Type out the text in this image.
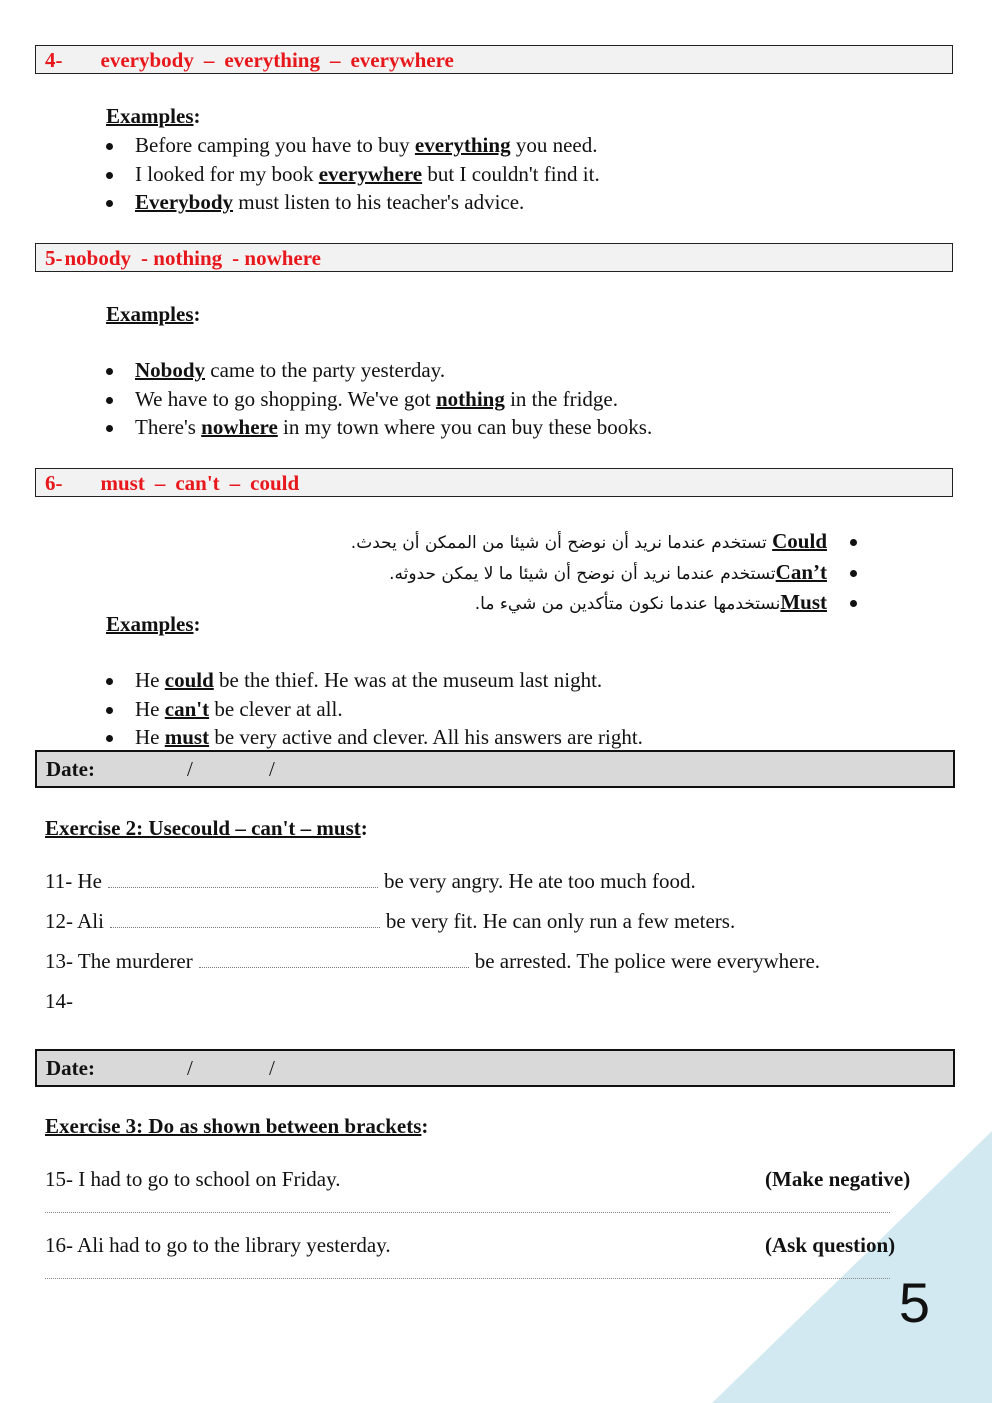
4- everybody – everything – everywhere
Examples:
Before camping you have to buy everything you need.
I looked for my book everywhere but I couldn't find it.
Everybody must listen to his teacher's advice.
5-nobody - nothing - nowhere
Examples:
Nobody came to the party yesterday.
We have to go shopping. We've got nothing in the fridge.
There's nowhere in my town where you can buy these books.
6- must – can't – could
Could تستخدم عندما نريد أن نوضح أن شيئا من الممكن أن يحدث.
Can’tتستخدم عندما نريد أن نوضح أن شيئا ما لا يمكن حدوثه.
Mustنستخدمها عندما نكون متأكدين من شيء ما.
Examples:
He could be the thief. He was at the museum last night.
He can't be clever at all.
He must be very active and clever. All his answers are right.
Date:	/	/
Exercise 2: Usecould – can't – must:
11- He	be very angry. He ate too much food.
12- Ali	be very fit. He can only run a few meters.
13- The murderer	be arrested. The police were everywhere.
14-
Date:	/	/
Exercise 3: Do as shown between brackets:
15- I had to go to school on Friday.	(Make negative)
16- Ali had to go to the library yesterday.	(Ask question)
5
